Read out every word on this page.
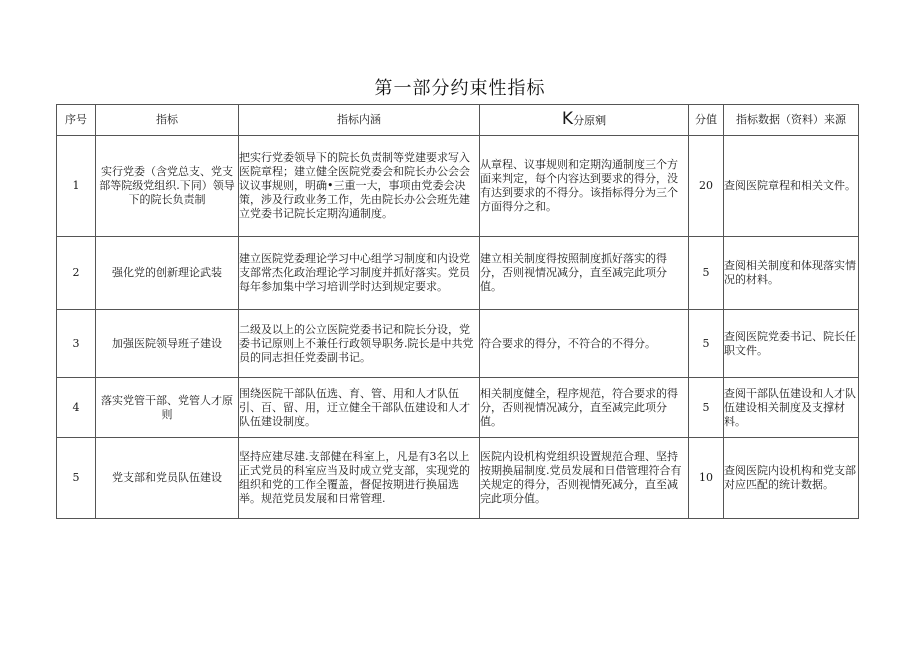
第一部分约束性指标
序号	指标	指标内涵	K分原剜	分值	指标数据（资料）来源
1	实行党委（含党总支、党支部等院级党组织.下同）领导下的院长负责制	把实行党委领导下的院长负责制等党建要求写入医院章程；建立健全医院党委会和院长办公会会议议事规则，明确•三重一大，事项由党委会决策，涉及行政业务工作，先由院长办公会班先建立党委书记院长定期沟通制度。	从章程、议事规则和定期沟通制度三个方面来判定，每个内容达到要求的得分，没有达到要求的不得分。该指标得分为三个方面得分之和。	20	查阅医院章程和相关文件。
2	强化党的创新理论武装	建立医院党委理论学习中心组学习制度和内设党支部常杰化政治理论学习制度并抓好落实。党员每年参加集中学习培训学时达到规定要求。	建立相关制度得按照制度抓好落实的得分，否则视情况减分，直至减完此项分值。	5	查阅相关制度和体现落实情况的材料。
3	加强医院领导班子建设	二级及以上的公立医院党委书记和院长分设，党委书记原则上不兼任行政领导职务.院长是中共党员的同志担任党委副书记。	符合要求的得分，不符合的不得分。	5	查阅医院党委书记、院长任职文件。
4	落实党管干部、党管人才原则	围绕医院干部队伍选、育、管、用和人才队伍引、百、留、用，迂立健全干部队伍建设和人才队伍建设制度。	相关制度健全，程序规范，符合要求的得分，否则视情况减分，直至减完此项分值。	5	查阅干部队伍建设和人才队伍建设相关制度及支撑材料。
5	党支部和党员队伍建设	坚持应建尽建.支部健在科室上，凡是有3名以上正式党员的科室应当及时成立党支部，实现党的组织和党的工作全覆盖，督促按期进行换届选举。规范党员发展和日常管理.	医院内设机构党组织设置规范合理、坚持按期换届制度.党员发展和日借管理符合有关规定的得分，否则视情死减分，直至减完此项分值。	10	查阅医院内设机构和党支部对应匹配的统计数据。
